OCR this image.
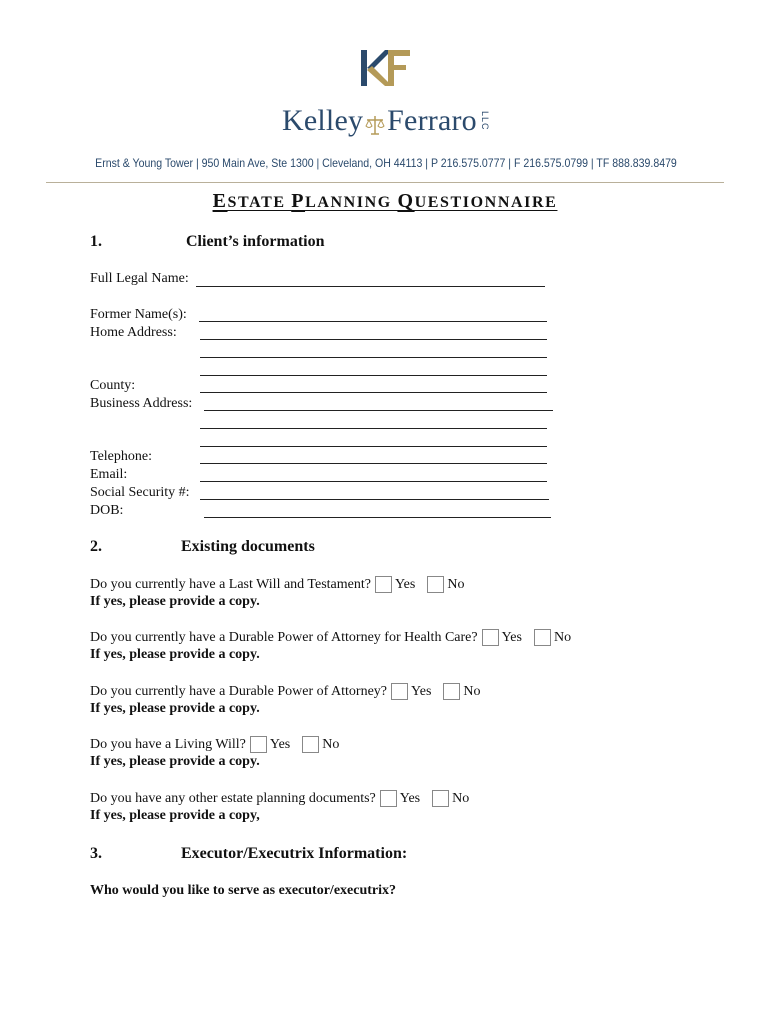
Kelley Ferraro LLC
Ernst & Young Tower | 950 Main Ave, Ste 1300 | Cleveland, OH 44113 | P 216.575.0777 | F 216.575.0799 | TF 888.839.8479
ESTATE PLANNING QUESTIONNAIRE
1.	Client’s information
Full Legal Name:
Former Name(s):
Home Address:
County:
Business Address:
Telephone:
Email:
Social Security #:
DOB:
2.	Existing documents
Do you currently have a Last Will and Testament? Yes No
If yes, please provide a copy.
Do you currently have a Durable Power of Attorney for Health Care? Yes No
If yes, please provide a copy.
Do you currently have a Durable Power of Attorney? Yes No
If yes, please provide a copy.
Do you have a Living Will? Yes No
If yes, please provide a copy.
Do you have any other estate planning documents? Yes No
If yes, please provide a copy,
3.	Executor/Executrix Information:
Who would you like to serve as executor/executrix?
